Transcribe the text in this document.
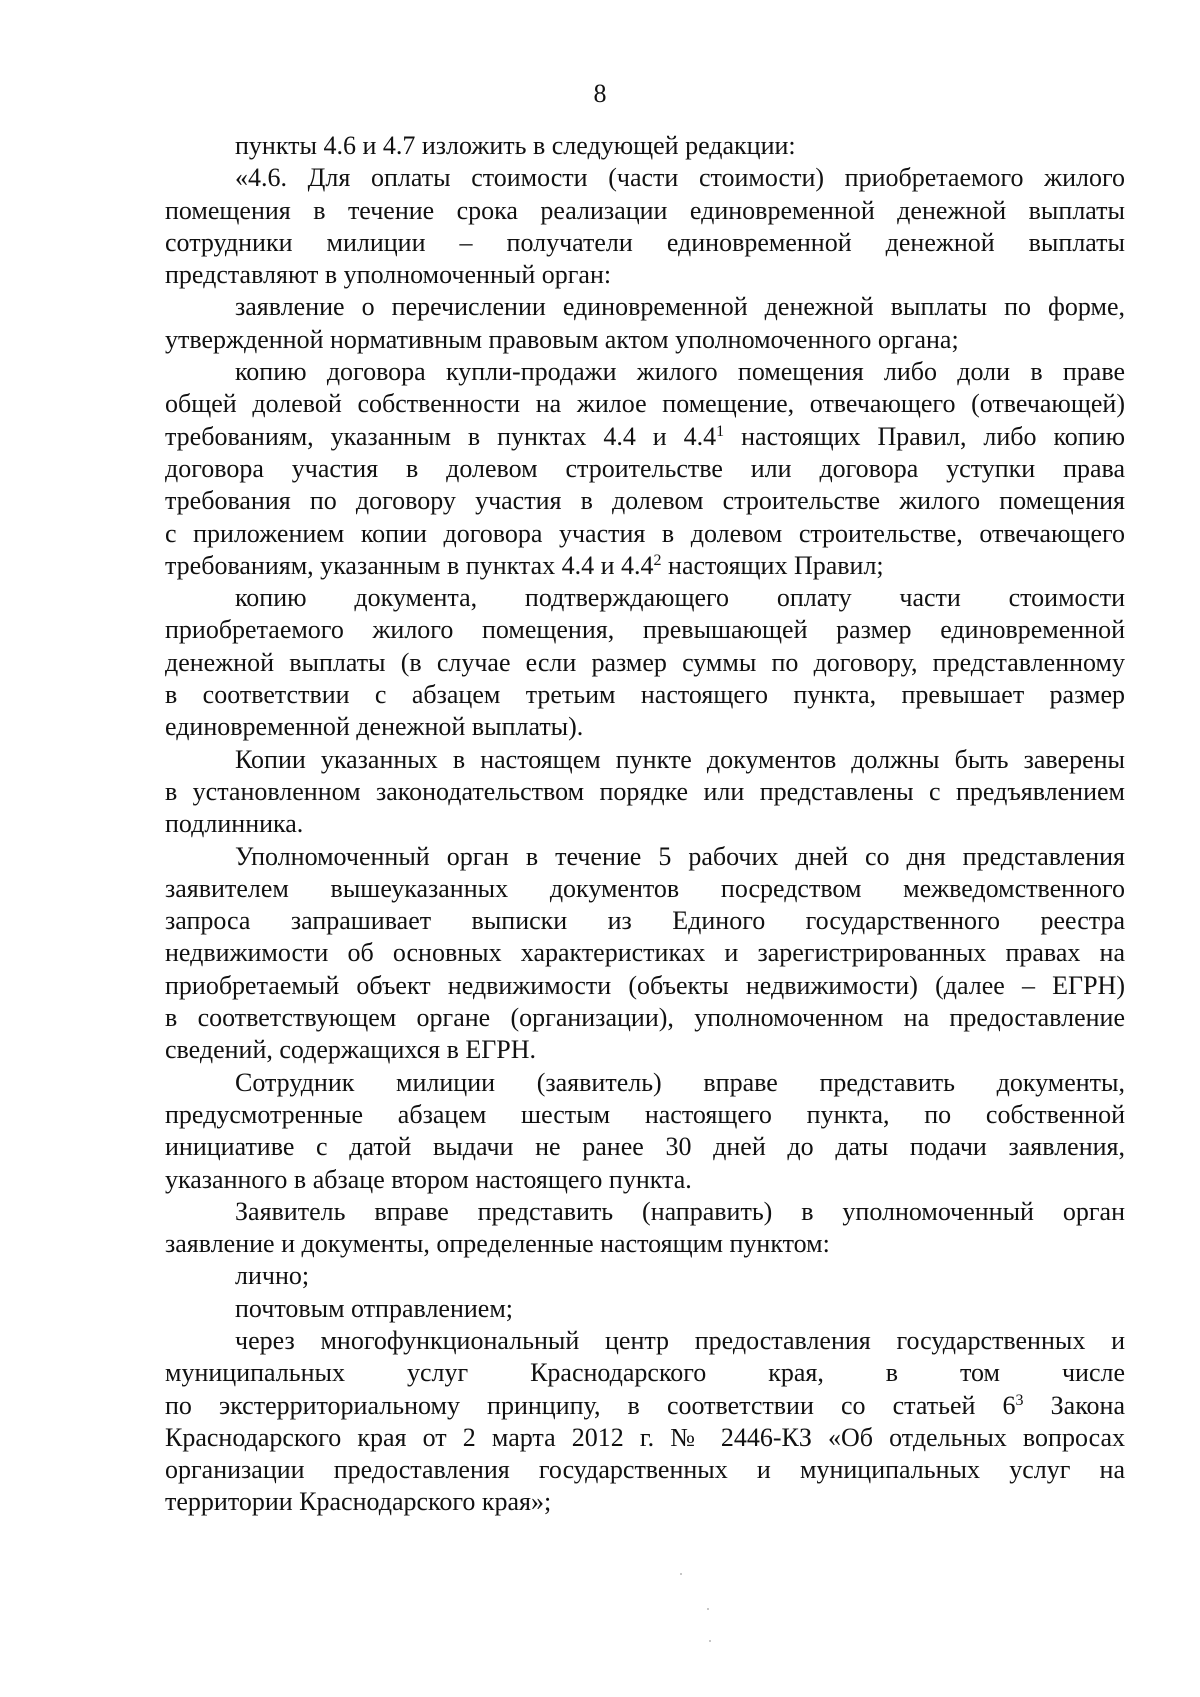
8
пункты 4.6 и 4.7 изложить в следующей редакции:
«4.6. Для оплаты стоимости (части стоимости) приобретаемого жилого
помещения в течение срока реализации единовременной денежной выплаты
сотрудники милиции – получатели единовременной денежной выплаты
представляют в уполномоченный орган:
заявление о перечислении единовременной денежной выплаты по форме,
утвержденной нормативным правовым актом уполномоченного органа;
копию договора купли-продажи жилого помещения либо доли в праве
общей долевой собственности на жилое помещение, отвечающего (отвечающей)
требованиям, указанным в пунктах 4.4 и $4.4^1$ настоящих Правил, либо копию
договора участия в долевом строительстве или договора уступки права
требования по договору участия в долевом строительстве жилого помещения
с приложением копии договора участия в долевом строительстве, отвечающего
требованиям, указанным в пунктах 4.4 и $4.4^2$ настоящих Правил;
копию документа, подтверждающего оплату части стоимости
приобретаемого жилого помещения, превышающей размер единовременной
денежной выплаты (в случае если размер суммы по договору, представленному
в соответствии с абзацем третьим настоящего пункта, превышает размер
единовременной денежной выплаты).
Копии указанных в настоящем пункте документов должны быть заверены
в установленном законодательством порядке или представлены с предъявлением
подлинника.
Уполномоченный орган в течение 5 рабочих дней со дня представления
заявителем вышеуказанных документов посредством межведомственного
запроса запрашивает выписки из Единого государственного реестра
недвижимости об основных характеристиках и зарегистрированных правах на
приобретаемый объект недвижимости (объекты недвижимости) (далее – ЕГРН)
в соответствующем органе (организации), уполномоченном на предоставление
сведений, содержащихся в ЕГРН.
Сотрудник милиции (заявитель) вправе представить документы,
предусмотренные абзацем шестым настоящего пункта, по собственной
инициативе с датой выдачи не ранее 30 дней до даты подачи заявления,
указанного в абзаце втором настоящего пункта.
Заявитель вправе представить (направить) в уполномоченный орган
заявление и документы, определенные настоящим пунктом:
лично;
почтовым отправлением;
через многофункциональный центр предоставления государственных и
муниципальных услуг Краснодарского края, в том числе
по экстерриториальному принципу, в соответствии со статьей $6^3$ Закона
Краснодарского края от 2 марта 2012 г. № 2446-КЗ «Об отдельных вопросах
организации предоставления государственных и муниципальных услуг на
территории Краснодарского края»;
